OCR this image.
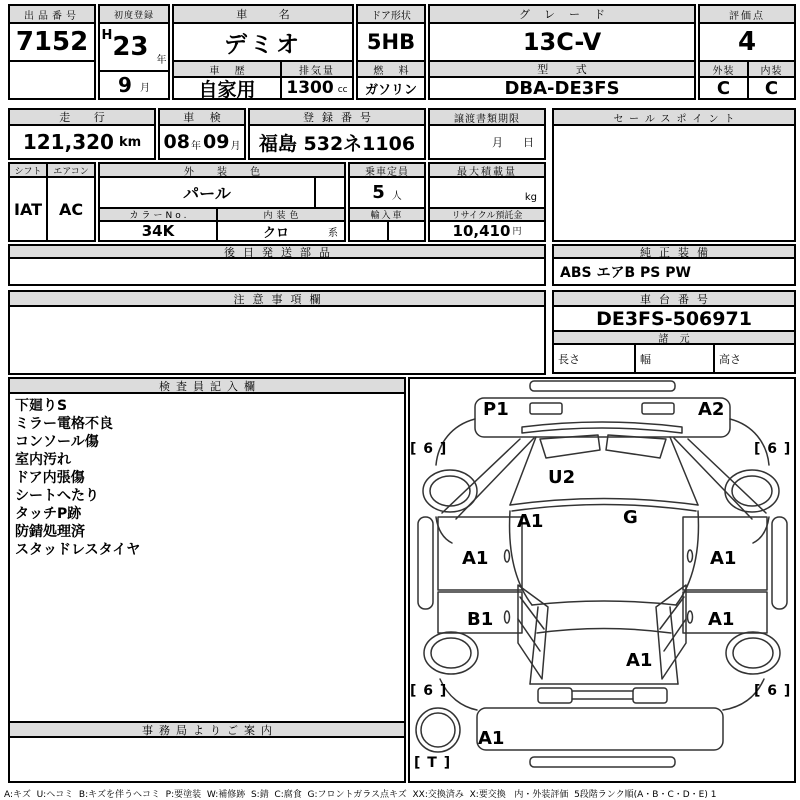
出品番号
7152
初度登録
H 23 年
9 月
車 名
デミオ
車 歴
自家用
排気量
1300 cc
ドア形状
5HB
燃 料
ガソリン
グレード
13C-V
型 式
DBA-DE3FS
評価点
4
外装	内装
C	C
走 行
121,320 km
車 検
08 年 09 月
登録番号
福島 532ネ1106
譲渡書類期限
月 日
セールスポイント
シフト
IAT
エアコン
AC
外 装 色
パール
カラーNo.
34K
内装色
クロ	系
乗車定員
5 人
輸入車
最大積載量
kg
リサイクル預託金
10,410 円
後日発送部品	純正装備
ABS エアB PS PW
注意事項欄	車台番号
DE3FS-506971
諸 元
長さ	幅	高さ
検査員記入欄
下廻りS
ミラー電格不良
コンソール傷
室内汚れ
ドア内張傷
シートへたり
タッチP跡
防錆処理済
スタッドレスタイヤ
事務局よりご案内
P1	A2
[ 6 ]	[ 6 ]
U2
A1	G
A1	A1
B1	A1
A1
[ 6 ]	[ 6 ]
A1
[ T ]
A:キズ  U:ヘコミ  B:キズを伴うヘコミ  P:要塗装  W:補修跡  S:錆  C:腐食  G:フロントガラス点キズ  XX:交換済み  X:要交換   内・外装評価  5段階ランク順(A・B・C・D・E) 1
